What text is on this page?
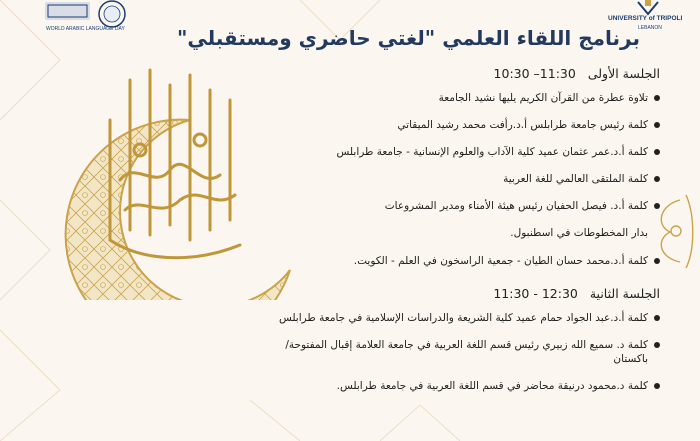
WORLD ARABIC LANGUAGE DAY
UNIVERSITY of TRIPOLI
LEBANON
برنامج اللقاء العلمي "لغتي حاضري ومستقبلي"

الجلسة الأولى 10:30 –11:30

تلاوة عطرة من القرآن الكريم يليها نشيد الجامعة

كلمة رئيس جامعة طرابلس أ.د.رأفت محمد رشيد الميقاتي

كلمة أ.د.عمر عثمان عميد كلية الآداب والعلوم الإنسانية - جامعة طرابلس

كلمة الملتقى العالمي للغة العربية

كلمة أ.د. فيصل الحفيان رئيس هيئة الأمناء ومدير المشروعات

بدار المخطوطات في اسطنبول.

كلمة أ.د.محمد حسان الطيان - جمعية الراسخون في العلم - الكويت.

الجلسة الثانية 11:30 - 12:30

كلمة أ.د.عبد الجواد حمام عميد كلية الشريعة والدراسات الإسلامية في جامعة طرابلس

كلمة د. سميع الله زبيري رئيس قسم اللغة العربية في جامعة العلامة إقبال المفتوحة/

باكستان

كلمة د.محمود درنيقة محاضر في قسم اللغة العربية في جامعة طرابلس.
